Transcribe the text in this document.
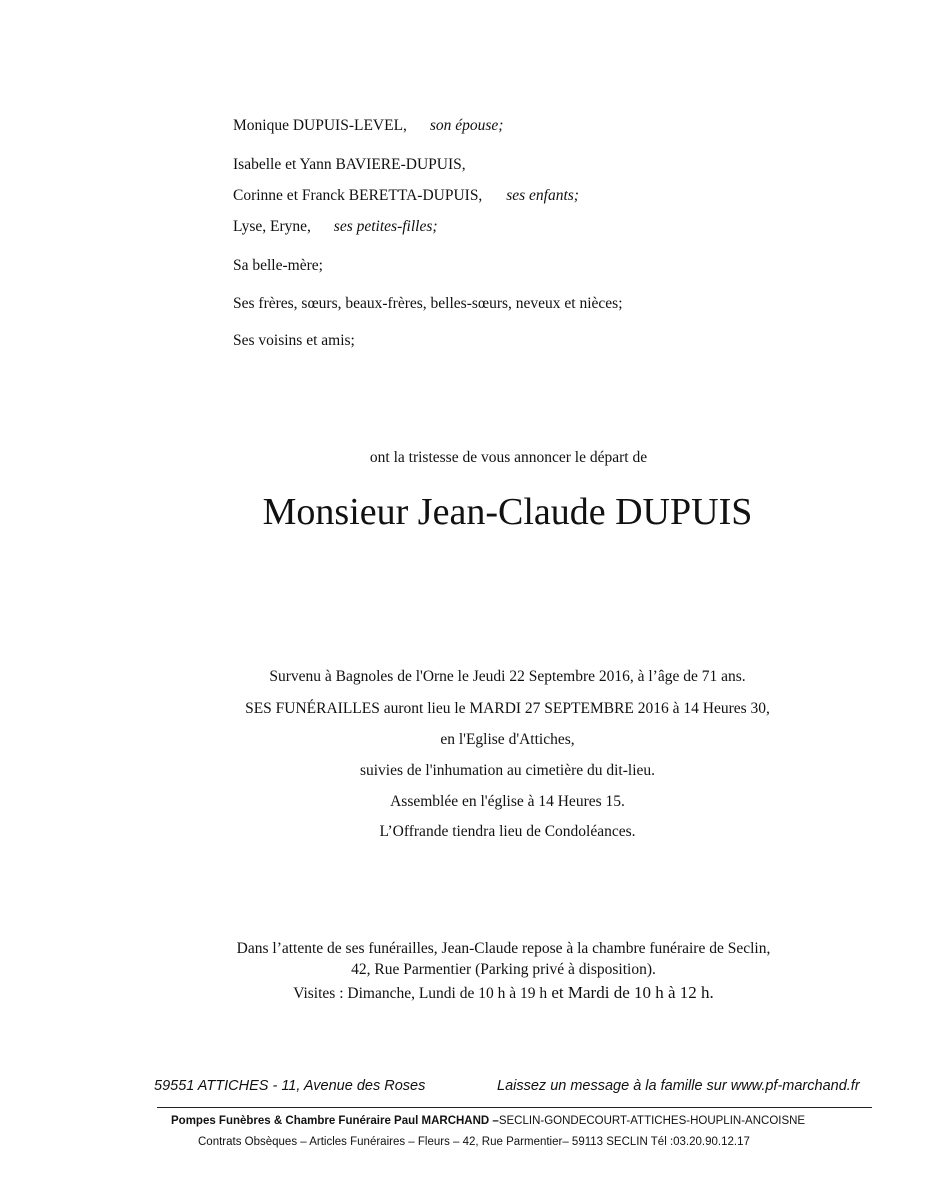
Monique DUPUIS-LEVEL, son épouse;
Isabelle et Yann BAVIERE-DUPUIS,
Corinne et Franck BERETTA-DUPUIS, ses enfants;
Lyse, Eryne, ses petites-filles;
Sa belle-mère;
Ses frères, sœurs, beaux-frères, belles-sœurs, neveux et nièces;
Ses voisins et amis;
ont la tristesse de vous annoncer le départ de
Monsieur Jean-Claude DUPUIS
Survenu à Bagnoles de l'Orne le Jeudi 22 Septembre 2016, à l’âge de 71 ans.
SES FUNÉRAILLES auront lieu le MARDI 27 SEPTEMBRE 2016 à 14 Heures 30,
en l'Eglise d'Attiches,
suivies de l'inhumation au cimetière du dit-lieu.
Assemblée en l'église à 14 Heures 15.
L’Offrande tiendra lieu de Condoléances.
Dans l’attente de ses funérailles, Jean-Claude repose à la chambre funéraire de Seclin,
42, Rue Parmentier (Parking privé à disposition).
Visites : Dimanche, Lundi de 10 h à 19 h et Mardi de 10 h à 12 h.
59551 ATTICHES - 11, Avenue des Roses	Laissez un message à la famille sur www.pf-marchand.fr
Pompes Funèbres & Chambre Funéraire Paul MARCHAND –SECLIN-GONDECOURT-ATTICHES-HOUPLIN-ANCOISNE
Contrats Obsèques – Articles Funéraires – Fleurs – 42, Rue Parmentier– 59113 SECLIN Tél :03.20.90.12.17
